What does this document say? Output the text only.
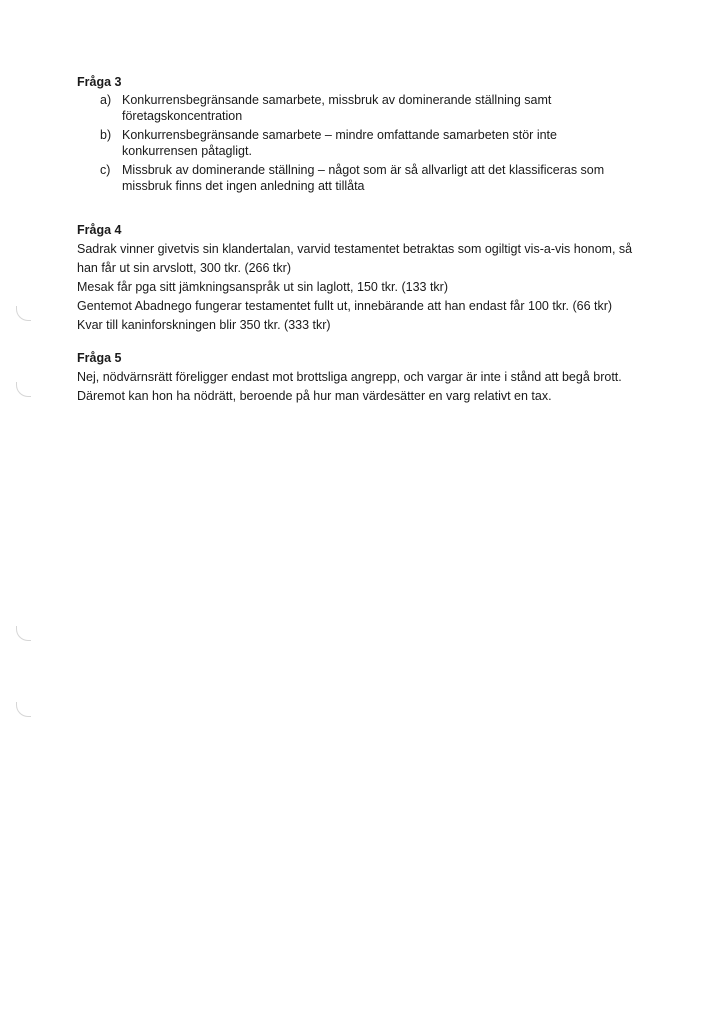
Fråga 3
a) Konkurrensbegränsande samarbete, missbruk av dominerande ställning samt
företagskoncentration
b) Konkurrensbegränsande samarbete – mindre omfattande samarbeten stör inte
konkurrensen påtagligt.
c) Missbruk av dominerande ställning – något som är så allvarligt att det klassificeras som
missbruk finns det ingen anledning att tillåta
Fråga 4

Sadrak vinner givetvis sin klandertalan, varvid testamentet betraktas som ogiltigt vis-a-vis honom, så

han får ut sin arvslott, 300 tkr. (266 tkr)

Mesak får pga sitt jämkningsanspråk ut sin laglott, 150 tkr. (133 tkr)

Gentemot Abadnego fungerar testamentet fullt ut, innebärande att han endast får 100 tkr. (66 tkr)

Kvar till kaninforskningen blir 350 tkr. (333 tkr)

Fråga 5

Nej, nödvärnsrätt föreligger endast mot brottsliga angrepp, och vargar är inte i stånd att begå brott.

Däremot kan hon ha nödrätt, beroende på hur man värdesätter en varg relativt en tax.
